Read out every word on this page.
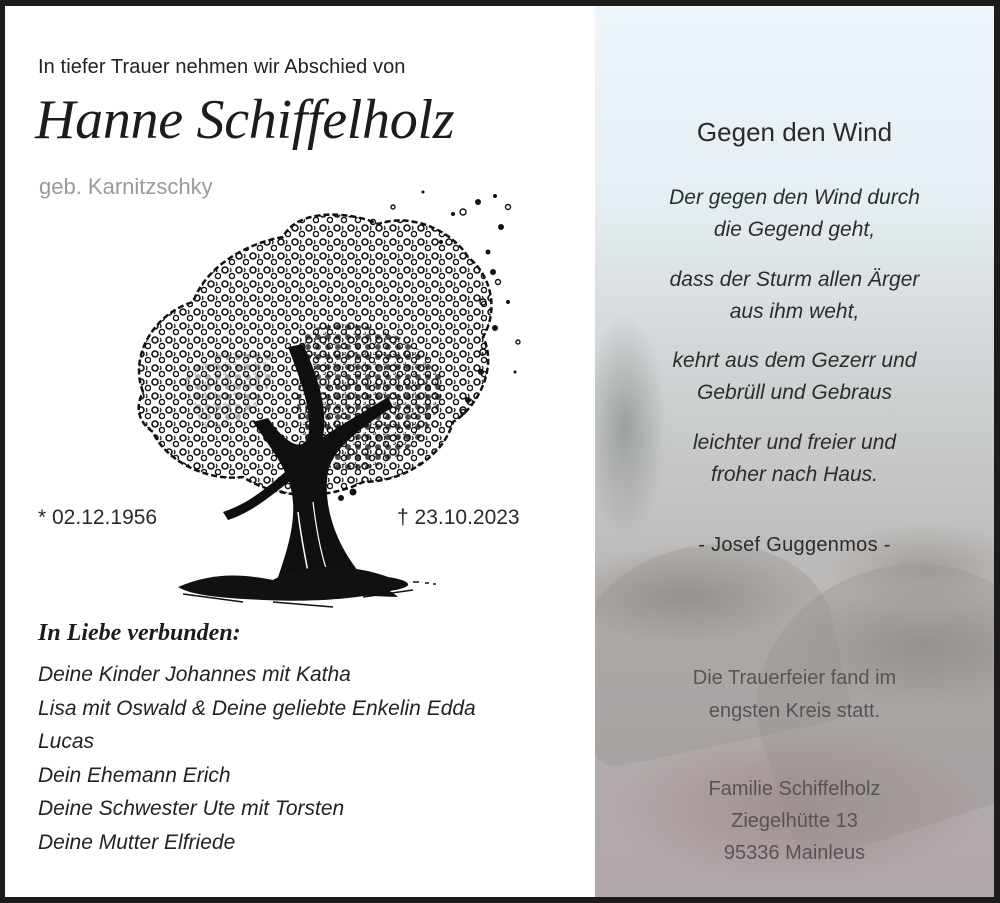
In tiefer Trauer nehmen wir Abschied von
Hanne Schiffelholz
geb. Karnitzschky
* 02.12.1956	† 23.10.2023
In Liebe verbunden:
Deine Kinder Johannes mit Katha
Lisa mit Oswald & Deine geliebte Enkelin Edda
Lucas
Dein Ehemann Erich
Deine Schwester Ute mit Torsten
Deine Mutter Elfriede
Gegen den Wind
Der gegen den Wind durch
die Gegend geht,
dass der Sturm allen Ärger
aus ihm weht,
kehrt aus dem Gezerr und
Gebrüll und Gebraus
leichter und freier und
froher nach Haus.
- Josef Guggenmos -
Die Trauerfeier fand im
engsten Kreis statt.
Familie Schiffelholz
Ziegelhütte 13
95336 Mainleus
